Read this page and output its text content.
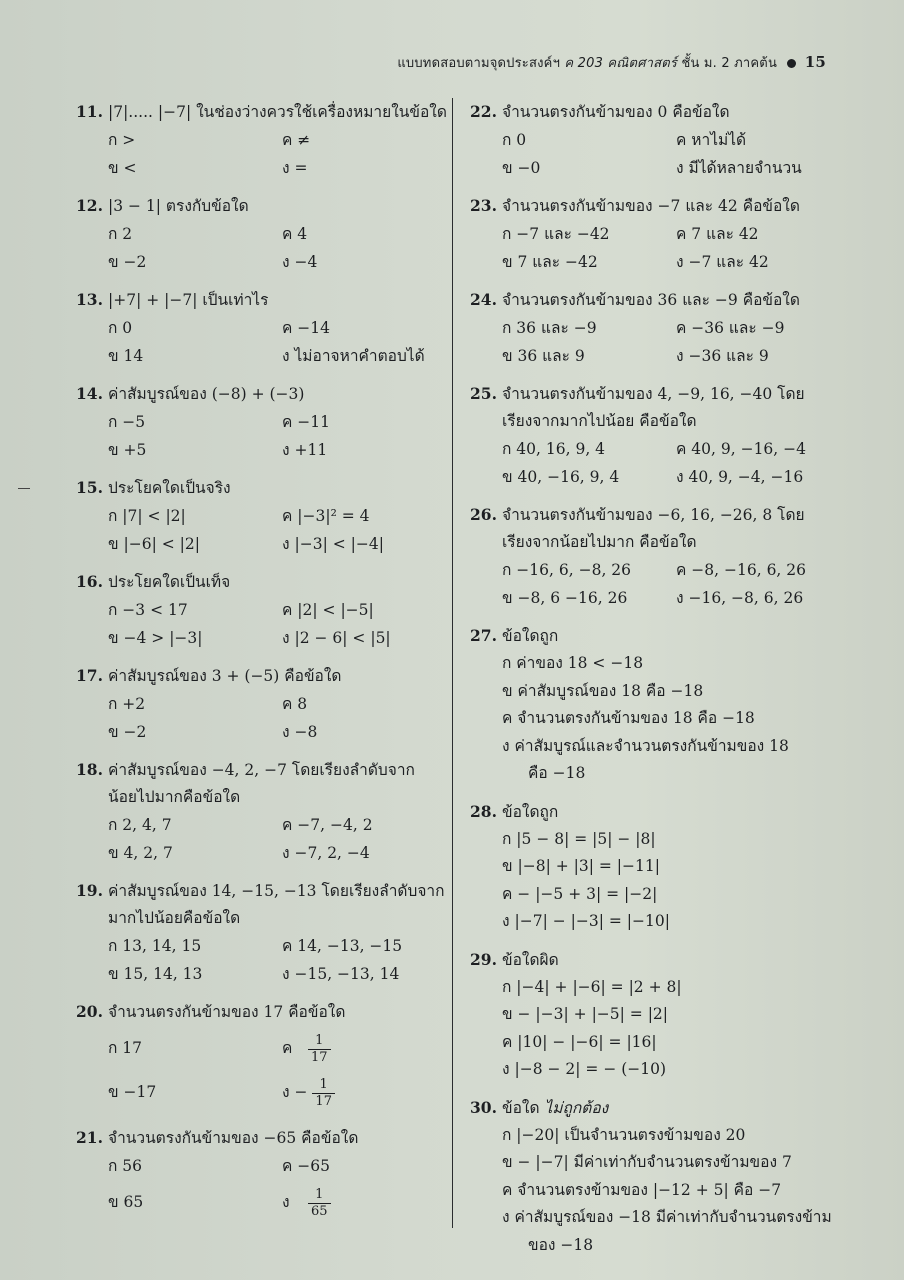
แบบทดสอบตามจุดประสงค์ฯ ค 203 คณิตศาสตร์ ชั้น ม. 2 ภาคต้น 15
11. |7|..... |−7| ในช่องว่างควรใช้เครื่องหมายในข้อใด
ก >	ค ≠
ข <	ง =
12. |3 − 1| ตรงกับข้อใด
ก 2	ค 4
ข −2	ง −4
13. |+7| + |−7| เป็นเท่าไร
ก 0	ค −14
ข 14	ง ไม่อาจหาคำตอบได้
14. ค่าสัมบูรณ์ของ (−8) + (−3)
ก −5	ค −11
ข +5	ง +11
15. ประโยคใดเป็นจริง
ก |7| < |2|	ค |−3|² = 4
ข |−6| < |2|	ง |−3| < |−4|
16. ประโยคใดเป็นเท็จ
ก −3 < 17	ค |2| < |−5|
ข −4 > |−3|	ง |2 − 6| < |5|
17. ค่าสัมบูรณ์ของ 3 + (−5) คือข้อใด
ก +2	ค 8
ข −2	ง −8
18. ค่าสัมบูรณ์ของ −4, 2, −7 โดยเรียงลำดับจาก
น้อยไปมากคือข้อใด
ก 2, 4, 7	ค −7, −4, 2
ข 4, 2, 7	ง −7, 2, −4
19. ค่าสัมบูรณ์ของ 14, −15, −13 โดยเรียงลำดับจาก
มากไปน้อยคือข้อใด
ก 13, 14, 15	ค 14, −13, −15
ข 15, 14, 13	ง −15, −13, 14
20. จำนวนตรงกันข้ามของ 17 คือข้อใด
ก 17	ค $\frac{1}{17}$
ข −17	ง − $\frac{1}{17}$
21. จำนวนตรงกันข้ามของ −65 คือข้อใด
ก 56	ค −65
ข 65	ง $\frac{1}{65}$
22. จำนวนตรงกันข้ามของ 0 คือข้อใด
ก 0	ค หาไม่ได้
ข −0	ง มีได้หลายจำนวน
23. จำนวนตรงกันข้ามของ −7 และ 42 คือข้อใด
ก −7 และ −42	ค 7 และ 42
ข 7 และ −42	ง −7 และ 42
24. จำนวนตรงกันข้ามของ 36 และ −9 คือข้อใด
ก 36 และ −9	ค −36 และ −9
ข 36 และ 9	ง −36 และ 9
25. จำนวนตรงกันข้ามของ 4, −9, 16, −40 โดย
เรียงจากมากไปน้อย คือข้อใด
ก 40, 16, 9, 4	ค 40, 9, −16, −4
ข 40, −16, 9, 4	ง 40, 9, −4, −16
26. จำนวนตรงกันข้ามของ −6, 16, −26, 8 โดย
เรียงจากน้อยไปมาก คือข้อใด
ก −16, 6, −8, 26	ค −8, −16, 6, 26
ข −8, 6 −16, 26	ง −16, −8, 6, 26
27. ข้อใดถูก
ก ค่าของ 18 < −18
ข ค่าสัมบูรณ์ของ 18 คือ −18
ค จำนวนตรงกันข้ามของ 18 คือ −18
ง ค่าสัมบูรณ์และจำนวนตรงกันข้ามของ 18
คือ −18
28. ข้อใดถูก
ก |5 − 8| = |5| − |8|
ข |−8| + |3| = |−11|
ค − |−5 + 3| = |−2|
ง |−7| − |−3| = |−10|
29. ข้อใดผิด
ก |−4| + |−6| = |2 + 8|
ข − |−3| + |−5| = |2|
ค |10| − |−6| = |16|
ง |−8 − 2| = − (−10)
30. ข้อใด ไม่ถูกต้อง
ก |−20| เป็นจำนวนตรงข้ามของ 20
ข − |−7| มีค่าเท่ากับจำนวนตรงข้ามของ 7
ค จำนวนตรงข้ามของ |−12 + 5| คือ −7
ง ค่าสัมบูรณ์ของ −18 มีค่าเท่ากับจำนวนตรงข้าม
ของ −18
